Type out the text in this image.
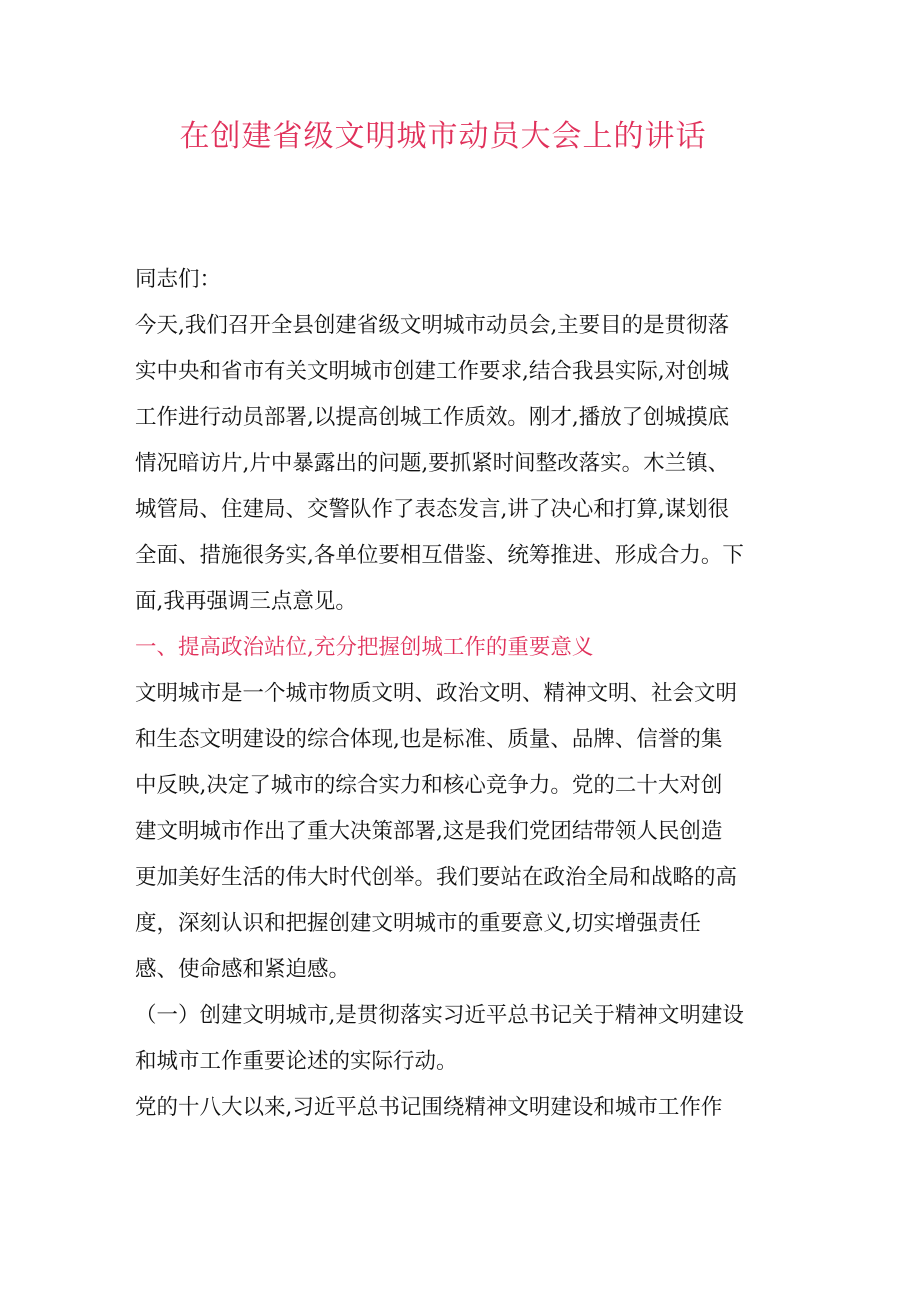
在创建省级文明城市动员大会上的讲话
同志们：
今天,我们召开全县创建省级文明城市动员会,主要目的是贯彻落
实中央和省市有关文明城市创建工作要求,结合我县实际,对创城
工作进行动员部署,以提高创城工作质效。刚才,播放了创城摸底
情况暗访片,片中暴露出的问题,要抓紧时间整改落实。木兰镇、
城管局、住建局、交警队作了表态发言,讲了决心和打算,谋划很
全面、措施很务实,各单位要相互借鉴、统筹推进、形成合力。下
面,我再强调三点意见。
一、提高政治站位,充分把握创城工作的重要意义
文明城市是一个城市物质文明、政治文明、精神文明、社会文明
和生态文明建设的综合体现,也是标准、质量、品牌、信誉的集
中反映,决定了城市的综合实力和核心竞争力。党的二十大对创
建文明城市作出了重大决策部署,这是我们党团结带领人民创造
更加美好生活的伟大时代创举。我们要站在政治全局和战略的高
度，深刻认识和把握创建文明城市的重要意义,切实增强责任
感、使命感和紧迫感。
（一）创建文明城市,是贯彻落实习近平总书记关于精神文明建设
和城市工作重要论述的实际行动。
党的十八大以来,习近平总书记围绕精神文明建设和城市工作作
